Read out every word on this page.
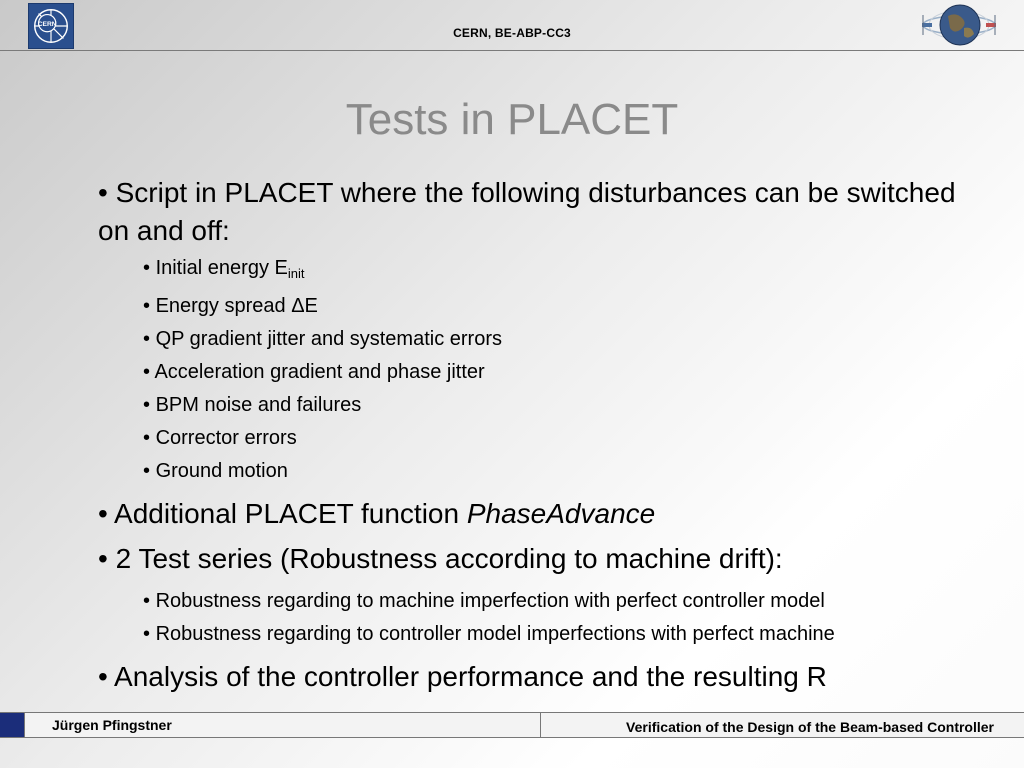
CERN
CERN, BE-ABP-CC3
Tests in PLACET

• Script in PLACET where the following disturbances can be switched on and off:

• Initial energy $E_{init}$

• Energy spread ΔE

• QP gradient jitter and systematic errors

• Acceleration gradient and phase jitter

• BPM noise and failures

• Corrector errors

• Ground motion

• Additional PLACET function PhaseAdvance

• 2 Test series (Robustness according to machine drift):

• Robustness regarding to machine imperfection with perfect controller model

• Robustness regarding to controller model imperfections with perfect machine

• Analysis of the controller performance and the resulting R

Jürgen Pfingstner	Verification of the Design of the Beam-based Controller
